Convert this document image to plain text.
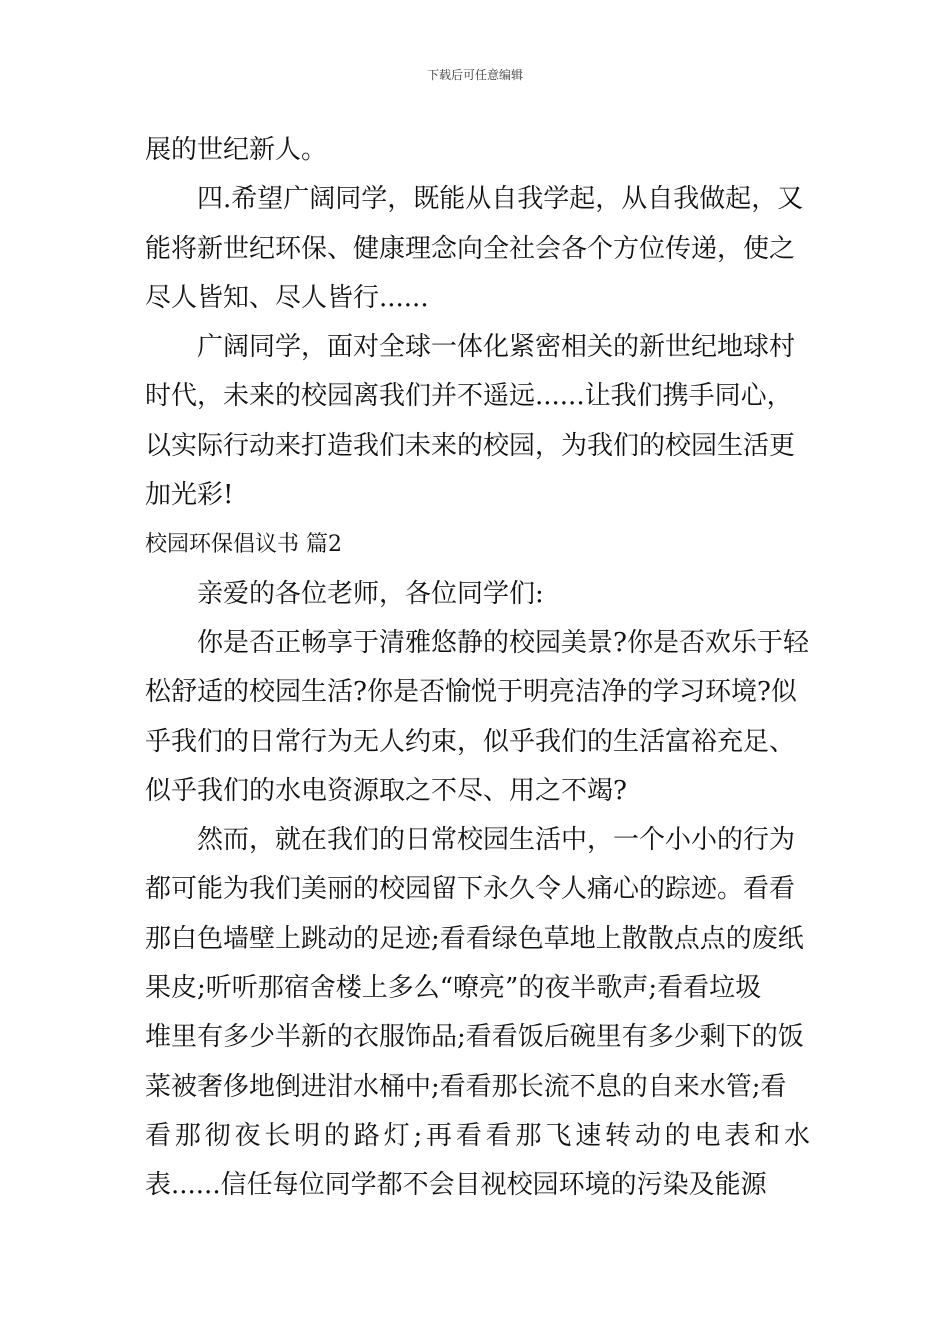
下载后可任意编辑
展的世纪新人。
四.希望广阔同学，既能从自我学起，从自我做起，又
能将新世纪环保、健康理念向全社会各个方位传递，使之
尽人皆知、尽人皆行......
广阔同学，面对全球一体化紧密相关的新世纪地球村
时代，未来的校园离我们并不遥远......让我们携手同心，
以实际行动来打造我们未来的校园，为我们的校园生活更
加光彩!
校园环保倡议书 篇2
亲爱的各位老师，各位同学们:
你是否正畅享于清雅悠静的校园美景?你是否欢乐于轻
松舒适的校园生活?你是否愉悦于明亮洁净的学习环境?似
乎我们的日常行为无人约束，似乎我们的生活富裕充足、
似乎我们的水电资源取之不尽、用之不竭?
然而，就在我们的日常校园生活中，一个小小的行为
都可能为我们美丽的校园留下永久令人痛心的踪迹。看看
那白色墙壁上跳动的足迹;看看绿色草地上散散点点的废纸
果皮;听听那宿舍楼上多么“嘹亮”的夜半歌声;看看垃圾
堆里有多少半新的衣服饰品;看看饭后碗里有多少剩下的饭
菜被奢侈地倒进泔水桶中;看看那长流不息的自来水管;看
看那彻夜长明的路灯;再看看那飞速转动的电表和水
表......信任每位同学都不会目视校园环境的污染及能源
